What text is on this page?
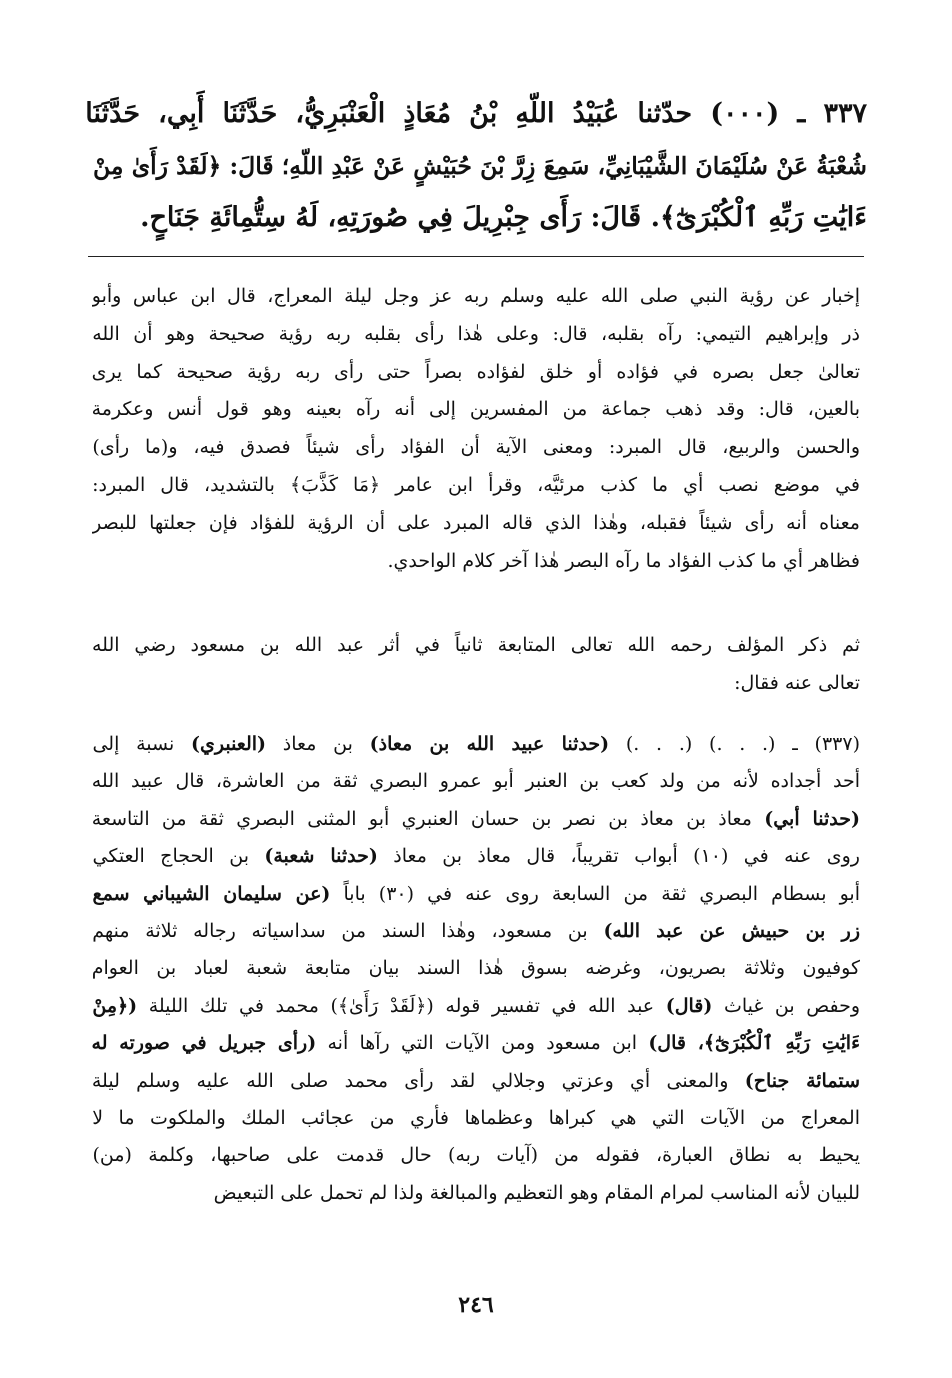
٣٣٧ ـ (٠٠٠) حدّثنا عُبَيْدُ اللّهِ بْنُ مُعَاذٍ الْعَنْبَرِيُّ، حَدَّثَنَا أَبِي، حَدَّثَنَا
شُعْبَةُ عَنْ سُلَيْمَانَ الشَّيْبَانِيِّ، سَمِعَ زِرَّ بْنَ حُبَيْشٍ عَنْ عَبْدِ اللّهِ؛ قَالَ: ﴿لَقَدْ رَأَىٰ مِنْ
ءَايَٰتِ رَبِّهِ ٱلْكُبْرَىٰٓ﴾. قَالَ: رَأَى جِبْرِيلَ فِي صُورَتِهِ، لَهُ سِتُّمِائَةِ جَنَاحٍ.
إخبار عن رؤية النبي صلى الله عليه وسلم ربه عز وجل ليلة المعراج، قال ابن عباس وأبو
ذر وإبراهيم التيمي: رآه بقلبه، قال: وعلى هٰذا رأى بقلبه ربه رؤية صحيحة وهو أن الله
تعالىٰ جعل بصره في فؤاده أو خلق لفؤاده بصراً حتى رأى ربه رؤية صحيحة كما يرى
بالعين، قال: وقد ذهب جماعة من المفسرين إلى أنه رآه بعينه وهو قول أنس وعكرمة
والحسن والربيع، قال المبرد: ومعنى الآية أن الفؤاد رأى شيئاً فصدق فيه، و(ما رأى)
في موضع نصب أي ما كذب مرئيَّه، وقرأ ابن عامر ﴿مَا كَذَّبَ﴾ بالتشديد، قال المبرد:
معناه أنه رأى شيئاً فقبله، وهٰذا الذي قاله المبرد على أن الرؤية للفؤاد فإن جعلتها للبصر
فظاهر أي ما كذب الفؤاد ما رآه البصر هٰذا آخر كلام الواحدي.
ثم ذكر المؤلف رحمه الله تعالى المتابعة ثانياً في أثر عبد الله بن مسعود رضي الله
تعالى عنه فقال:
(٣٣٧) ـ (. . .) (. . .) (حدثنا عبيد الله بن معاذ) بن معاذ (العنبري) نسبة إلى
أحد أجداده لأنه من ولد كعب بن العنبر أبو عمرو البصري ثقة من العاشرة، قال عبيد الله
(حدثنا أبي) معاذ بن معاذ بن نصر بن حسان العنبري أبو المثنى البصري ثقة من التاسعة
روى عنه في (١٠) أبواب تقريباً، قال معاذ بن معاذ (حدثنا شعبة) بن الحجاج العتكي
أبو بسطام البصري ثقة من السابعة روى عنه في (٣٠) باباً (عن سليمان الشيباني سمع
زر بن حبيش عن عبد الله) بن مسعود، وهٰذا السند من سداسياته رجاله ثلاثة منهم
كوفيون وثلاثة بصريون، وغرضه بسوق هٰذا السند بيان متابعة شعبة لعباد بن العوام
وحفص بن غياث (قال) عبد الله في تفسير قوله (﴿لَقَدْ رَأَىٰ﴾) محمد في تلك الليلة (﴿مِنْ
ءَايَٰتِ رَبِّهِ ٱلْكُبْرَىٰٓ﴾، قال) ابن مسعود ومن الآيات التي رآها أنه (رأى جبريل في صورته له
ستمائة جناح) والمعنى أي وعزتي وجلالي لقد رأى محمد صلى الله عليه وسلم ليلة
المعراج من الآيات التي هي كبراها وعظماها فأري من عجائب الملك والملكوت ما لا
يحيط به نطاق العبارة، فقوله من (آيات ربه) حال قدمت على صاحبها، وكلمة (من)
للبيان لأنه المناسب لمرام المقام وهو التعظيم والمبالغة ولذا لم تحمل على التبعيض
٢٤٦
